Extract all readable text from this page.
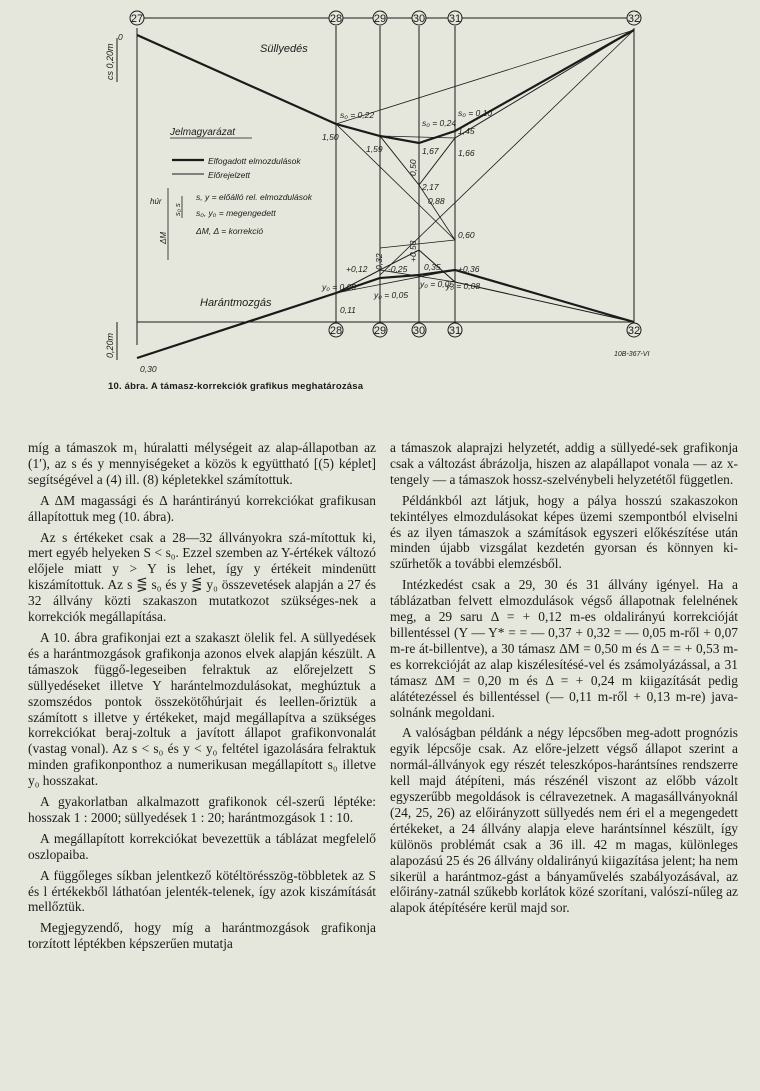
27	28	29 30 31	32
28	29 30 31	32
Süllyedés
Harántmozgás
cs 0,20m
0,20m
Jelmagyarázat
Elfogadott elmozdulások
Előrejelzett
s, y = előálló rel. elmozdulások
s₀, y₀ = megengedett
ΔM, Δ = korrekció
húr
s₀ s
ΔM
0
0,30
s₀ = 0,22
1,50
1,59
s₀ = 0,24
s₀ = 0,10
1,45
1,67 1,66
0,50
2,17
0,88
0,60
+0,53
+0,12 0,32 -0,25 0,35 +0,36
y₀ = 0,09
y₀ = 0,05
y₀ = 0,05
y₀ = 0,08
0,11
10B-367-VI
10. ábra. A támasz-korrekciók grafikus meghatározása

míg a támaszok m₁ húralatti mélységeit az alap-állapotban az (1′), az s és y mennyiségeket a közös k együttható [(5) képlet] segítségével a (4) ill. (8) képletekkel számítottuk.

A ΔM magassági és Δ harántirányú korrekciókat grafikusan állapítottuk meg (10. ábra).

Az s értékeket csak a 28—32 állványokra szá-mítottuk ki, mert egyéb helyeken S < s₀. Ezzel szemben az Y-értékek változó előjele miatt y > Y is lehet, így y értékeit mindenütt kiszámítottuk. Az s ⋚ s₀ és y ⋚ y₀ összevetések alapján a 27 és 32 állvány közti szakaszon mutatkozot szükséges-nek a korrekciók megállapítása.

A 10. ábra grafikonjai ezt a szakaszt ölelik fel. A süllyedések és a harántmozgások grafikonja azonos elvek alapján készült. A támaszok függő-legeseiben felraktuk az előrejelzett S süllyedéseket illetve Y harántelmozdulásokat, meghúztuk a szomszédos pontok összekötőhúrjait és leellen-őriztük a számított s illetve y értékeket, majd megállapítva a szükséges korrekciókat beraj-zoltuk a javított állapot grafikonvonalát (vastag vonal). Az s < s₀ és y < y₀ feltétel igazolására felraktuk minden grafikonponthoz a numerikusan megállapított s₀ illetve y₀ hosszakat.

A gyakorlatban alkalmazott grafikonok cél-szerű léptéke: hosszak 1 : 2000; süllyedések 1 : 20; harántmozgások 1 : 10.

A megállapított korrekciókat bevezettük a táblázat megfelelő oszlopaiba.

A függőleges síkban jelentkező kötéltörésszög-többletek az S és l értékekből láthatóan jelenték-telenek, így azok kiszámítását mellőztük.

Megjegyzendő, hogy míg a harántmozgások grafikonja torzított léptékben képszerűen mutatja

a támaszok alaprajzi helyzetét, addig a süllyedé-sek grafikonja csak a változást ábrázolja, hiszen az alapállapot vonala — az x-tengely — a támaszok hossz-szelvénybeli helyzetétől független.

Példánkból azt látjuk, hogy a pálya hosszú szakaszokon tekintélyes elmozdulásokat képes üzemi szempontból elviselni és az ilyen támaszok a számítások egyszeri előkészítése után minden újabb vizsgálat kezdetén gyorsan és könnyen ki-szűrhetők a további elemzésből.

Intézkedést csak a 29, 30 és 31 állvány igényel. Ha a táblázatban felvett elmozdulások végső állapotnak felelnének meg, a 29 saru Δ = + 0,12 m-es oldalirányú korrekcióját billentéssel (Y — Y* = = — 0,37 + 0,32 = — 0,05 m-ről + 0,07 m-re át-billentve), a 30 támasz ΔM = 0,50 m és Δ = = + 0,53 m-es korrekcióját az alap kiszélesítésé-vel és zsámolyázással, a 31 támasz ΔM = 0,20 m és Δ = + 0,24 m kiigazítását pedig alátétezéssel és billentéssel (— 0,11 m-ről + 0,13 m-re) java-solnánk megoldani.

A valóságban példánk a négy lépcsőben meg-adott prognózis egyik lépcsője csak. Az előre-jelzett végső állapot szerint a normál-állványok egy részét teleszkópos-harántsínes rendszerre kell majd átépíteni, más részénél viszont az előbb vázolt egyszerűbb megoldások is célravezetnek. A magasállványoknál (24, 25, 26) az előirányzott süllyedés nem éri el a megengedett értékeket, a 24 állvány alapja eleve harántsínnel készült, így különös problémát csak a 36 ill. 42 m magas, különleges alapozású 25 és 26 állvány oldalirányú kiigazítása jelent; ha nem sikerül a harántmoz-gást a bányaművelés szabályozásával, az előirány-zatnál szűkebb korlátok közé szorítani, valószí-nűleg az alapok átépítésére kerül majd sor.
